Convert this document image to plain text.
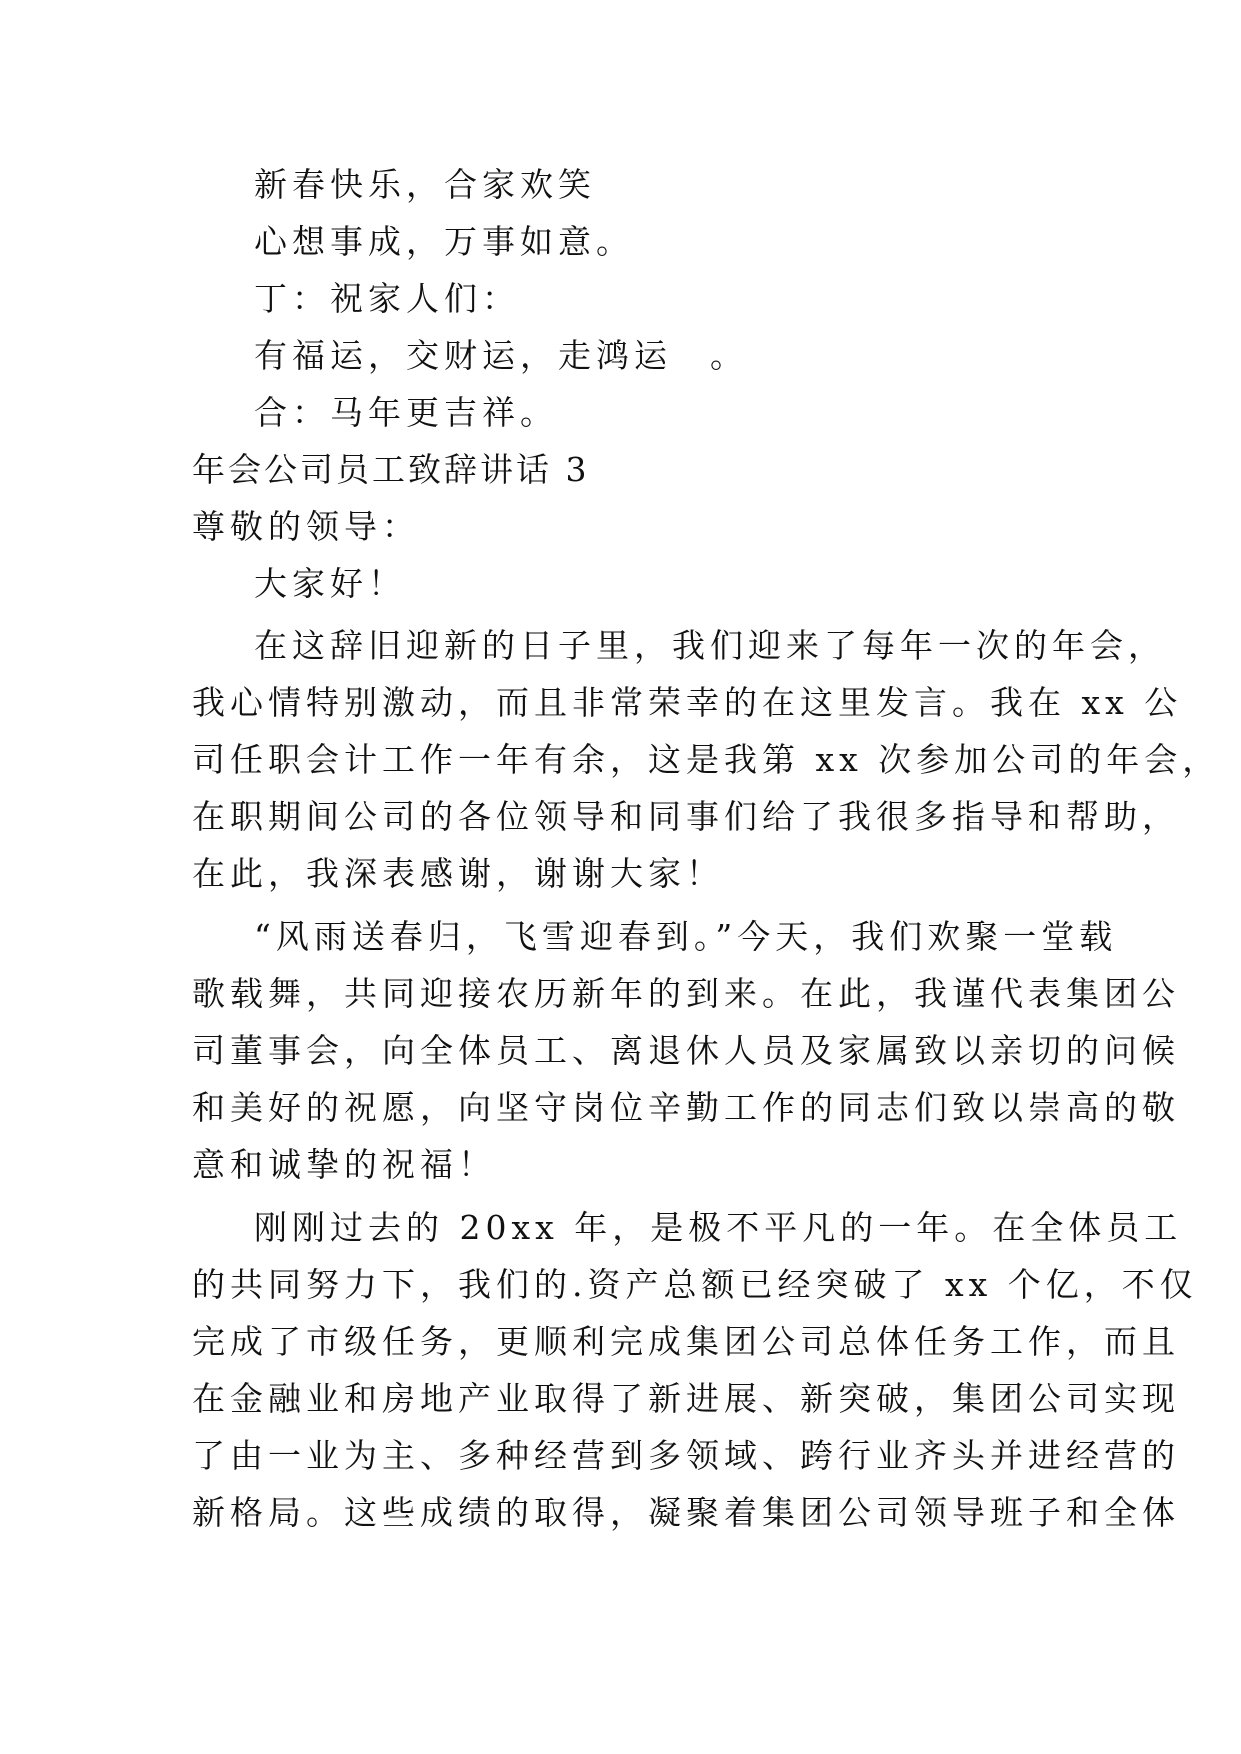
新春快乐，合家欢笑
心想事成，万事如意。
丁：祝家人们：
有福运，交财运，走鸿运　。
合：马年更吉祥。
年会公司员工致辞讲话 3
尊敬的领导：
大家好！
在这辞旧迎新的日子里，我们迎来了每年一次的年会，
我心情特别激动，而且非常荣幸的在这里发言。我在 xx 公
司任职会计工作一年有余，这是我第 xx 次参加公司的年会，
在职期间公司的各位领导和同事们给了我很多指导和帮助，
在此，我深表感谢，谢谢大家！
“风雨送春归，飞雪迎春到。”今天，我们欢聚一堂载
歌载舞，共同迎接农历新年的到来。在此，我谨代表集团公
司董事会，向全体员工、离退休人员及家属致以亲切的问候
和美好的祝愿，向坚守岗位辛勤工作的同志们致以崇高的敬
意和诚挚的祝福！
刚刚过去的 20xx 年，是极不平凡的一年。在全体员工
的共同努力下，我们的.资产总额已经突破了 xx 个亿，不仅
完成了市级任务，更顺利完成集团公司总体任务工作，而且
在金融业和房地产业取得了新进展、新突破，集团公司实现
了由一业为主、多种经营到多领域、跨行业齐头并进经营的
新格局。这些成绩的取得，凝聚着集团公司领导班子和全体
